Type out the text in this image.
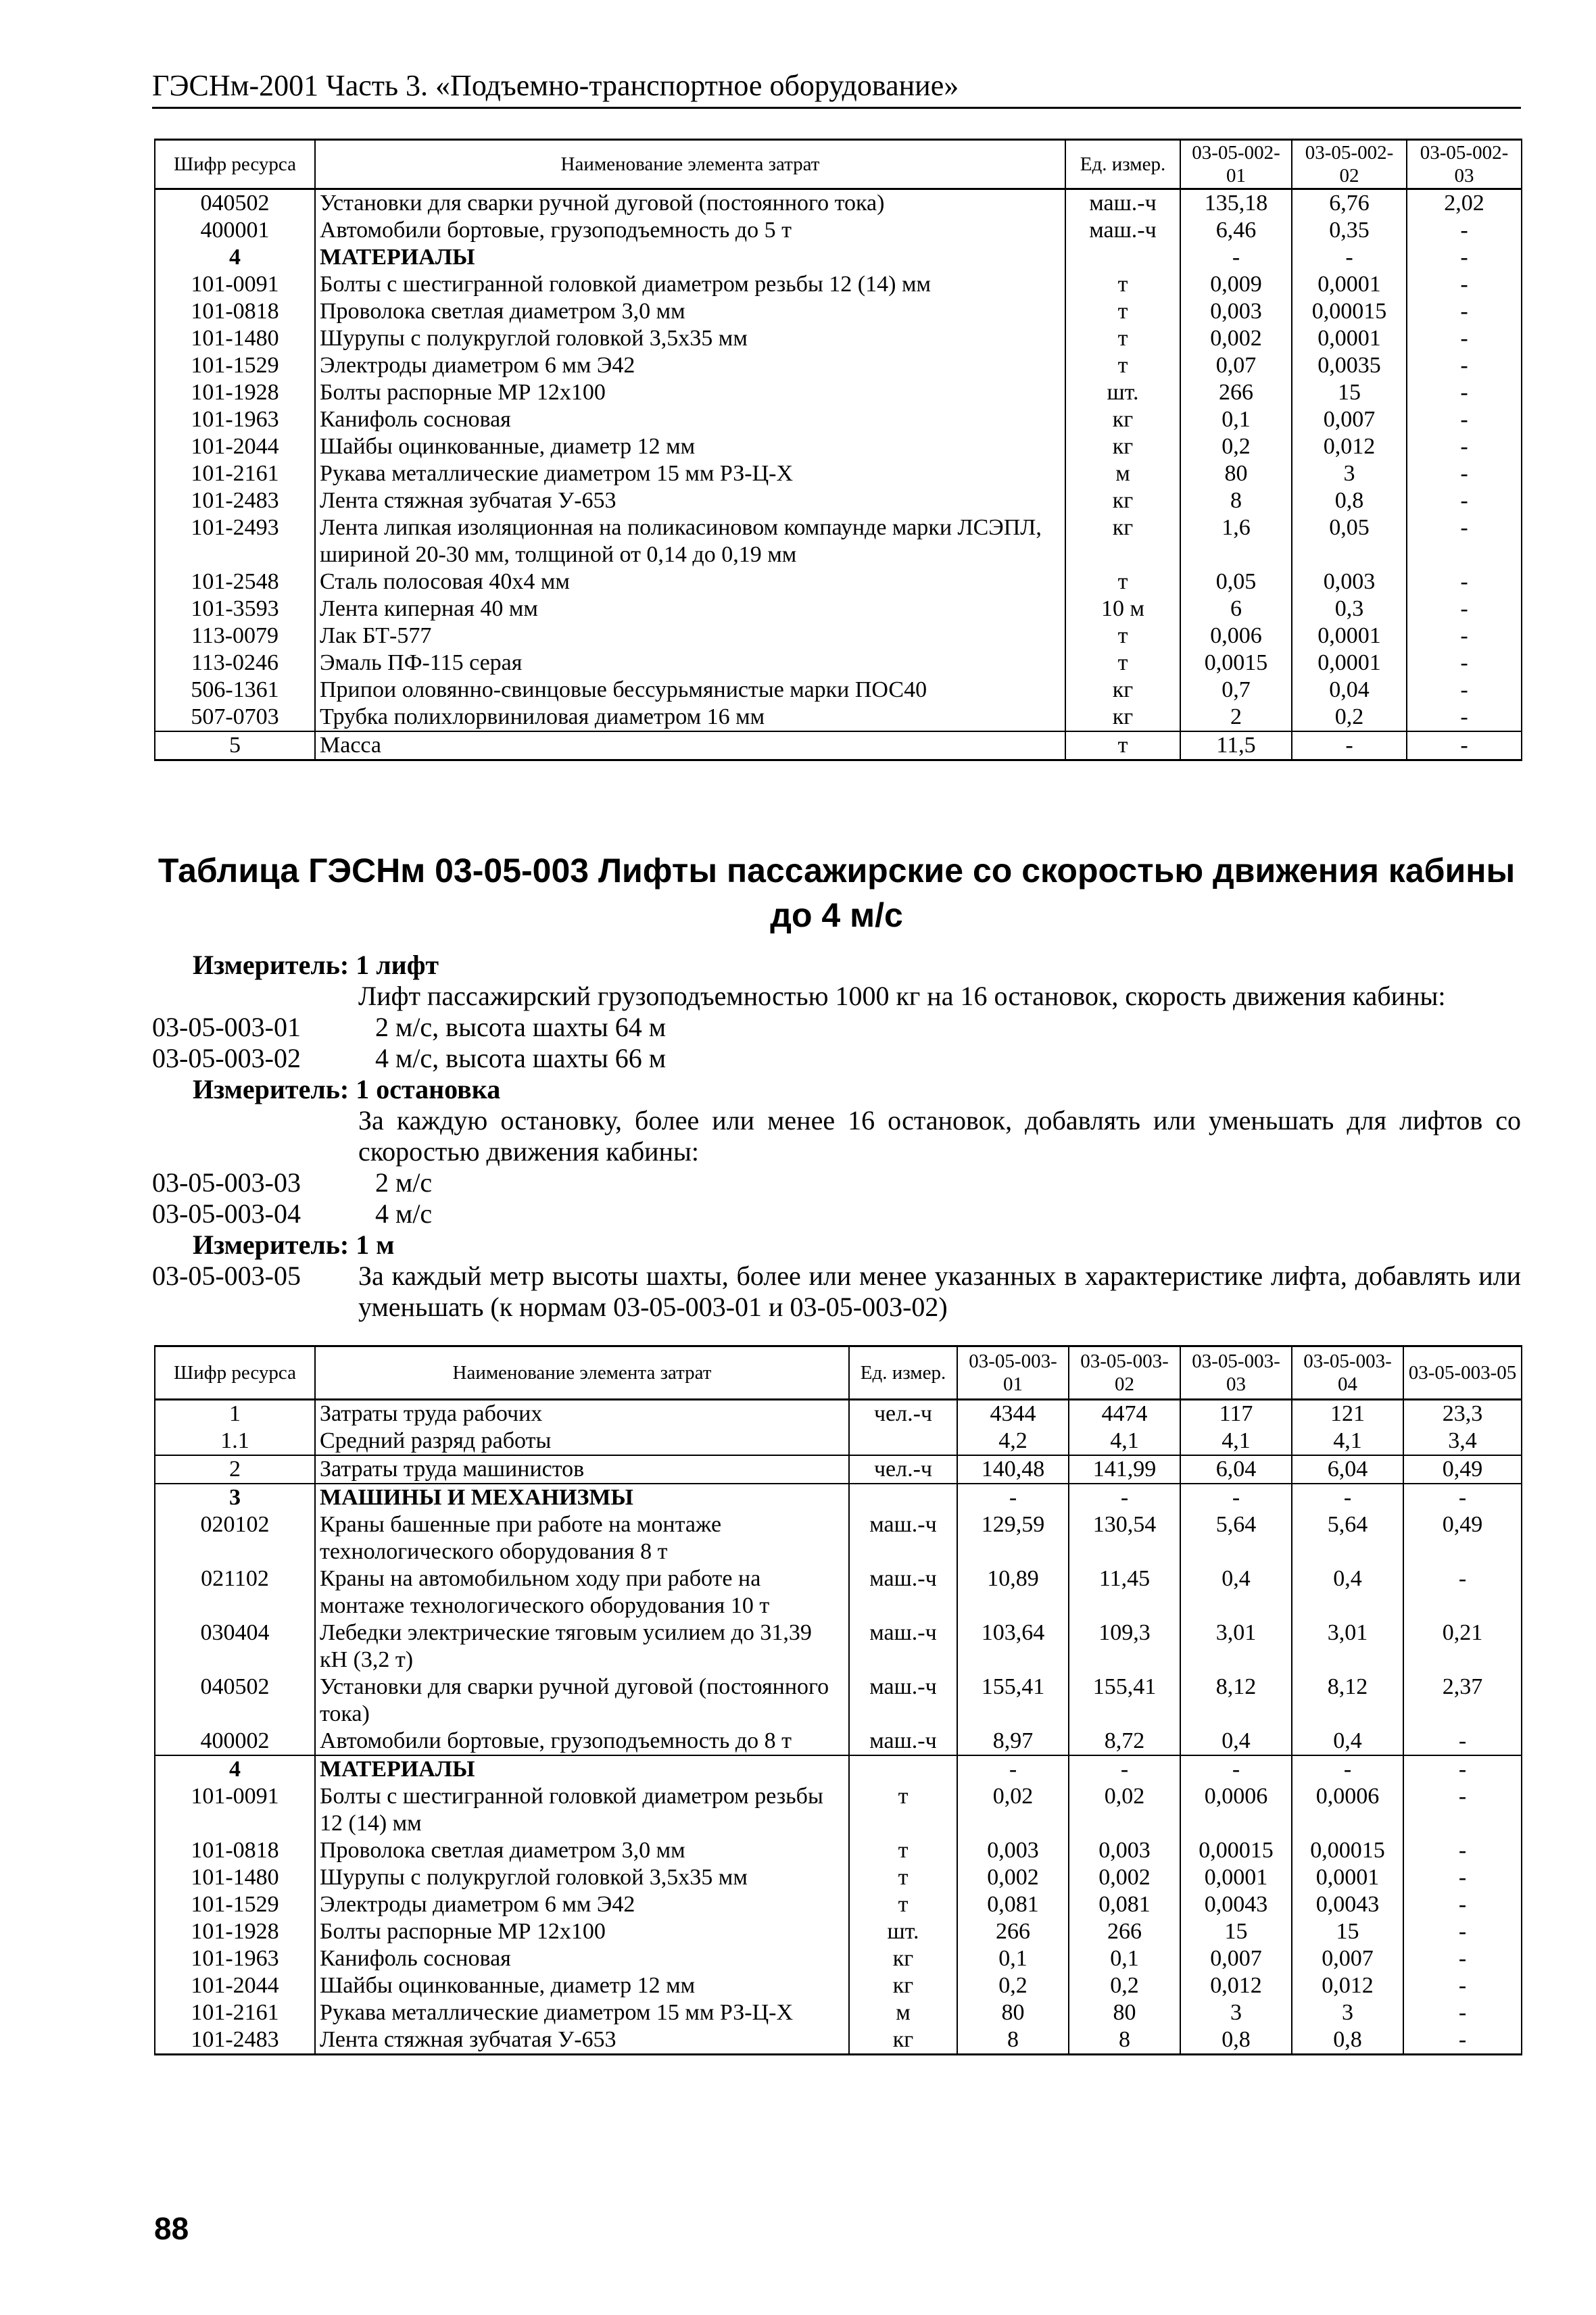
ГЭСНм-2001 Часть 3. «Подъемно-транспортное оборудование»
Шифр ресурса	Наименование элемента затрат	Ед. измер.	03-05-002-01	03-05-002-02	03-05-002-03
040502	Установки для сварки ручной дуговой (постоянного тока)	маш.-ч	135,18	6,76	2,02
400001	Автомобили бортовые, грузоподъемность до 5 т	маш.-ч	6,46	0,35	-
4	МАТЕРИАЛЫ		-	-	-
101-0091	Болты с шестигранной головкой диаметром резьбы 12 (14) мм	т	0,009	0,0001	-
101-0818	Проволока светлая диаметром 3,0 мм	т	0,003	0,00015	-
101-1480	Шурупы с полукруглой головкой 3,5х35 мм	т	0,002	0,0001	-
101-1529	Электроды диаметром 6 мм Э42	т	0,07	0,0035	-
101-1928	Болты распорные МР 12х100	шт.	266	15	-
101-1963	Канифоль сосновая	кг	0,1	0,007	-
101-2044	Шайбы оцинкованные, диаметр 12 мм	кг	0,2	0,012	-
101-2161	Рукава металлические диаметром 15 мм РЗ-Ц-Х	м	80	3	-
101-2483	Лента стяжная зубчатая У-653	кг	8	0,8	-
101-2493	Лента липкая изоляционная на поликасиновом компаунде марки ЛСЭПЛ, шириной 20-30 мм, толщиной от 0,14 до 0,19 мм	кг	1,6	0,05	-
101-2548	Сталь полосовая 40х4 мм	т	0,05	0,003	-
101-3593	Лента киперная 40 мм	10 м	6	0,3	-
113-0079	Лак БТ-577	т	0,006	0,0001	-
113-0246	Эмаль ПФ-115 серая	т	0,0015	0,0001	-
506-1361	Припои оловянно-свинцовые бессурьмянистые марки ПОС40	кг	0,7	0,04	-
507-0703	Трубка полихлорвиниловая диаметром 16 мм	кг	2	0,2	-
5	Масса	т	11,5	-	-
Таблица ГЭСНм 03-05-003 Лифты пассажирские со скоростью движения кабины до 4 м/с
Измеритель:
1 лифт
Лифт пассажирский грузоподъемностью 1000 кг на 16 остановок, скорость движения кабины:
03-05-003-01	2 м/с, высота шахты 64 м
03-05-003-02	4 м/с, высота шахты 66 м
Измеритель:
1 остановка
За каждую остановку, более или менее 16 остановок, добавлять или уменьшать для лифтов со скоростью движения кабины:
03-05-003-03	2 м/с
03-05-003-04	4 м/с
Измеритель:
1 м
03-05-003-05	За каждый метр высоты шахты, более или менее указанных в характеристике лифта, добавлять или уменьшать (к нормам 03-05-003-01 и 03-05-003-02)
Шифр ресурса	Наименование элемента затрат	Ед. измер.	03-05-003-01	03-05-003-02	03-05-003-03	03-05-003-04	03-05-003-05
1	Затраты труда рабочих	чел.-ч	4344	4474	117	121	23,3
1.1	Средний разряд работы		4,2	4,1	4,1	4,1	3,4
2	Затраты труда машинистов	чел.-ч	140,48	141,99	6,04	6,04	0,49
3	МАШИНЫ И МЕХАНИЗМЫ		-	-	-	-	-
020102	Краны башенные при работе на монтаже технологического оборудования 8 т	маш.-ч	129,59	130,54	5,64	5,64	0,49
021102	Краны на автомобильном ходу при работе на монтаже технологического оборудования 10 т	маш.-ч	10,89	11,45	0,4	0,4	-
030404	Лебедки электрические тяговым усилием до 31,39 кН (3,2 т)	маш.-ч	103,64	109,3	3,01	3,01	0,21
040502	Установки для сварки ручной дуговой (постоянного тока)	маш.-ч	155,41	155,41	8,12	8,12	2,37
400002	Автомобили бортовые, грузоподъемность до 8 т	маш.-ч	8,97	8,72	0,4	0,4	-
4	МАТЕРИАЛЫ		-	-	-	-	-
101-0091	Болты с шестигранной головкой диаметром резьбы 12 (14) мм	т	0,02	0,02	0,0006	0,0006	-
101-0818	Проволока светлая диаметром 3,0 мм	т	0,003	0,003	0,00015	0,00015	-
101-1480	Шурупы с полукруглой головкой 3,5х35 мм	т	0,002	0,002	0,0001	0,0001	-
101-1529	Электроды диаметром 6 мм Э42	т	0,081	0,081	0,0043	0,0043	-
101-1928	Болты распорные МР 12х100	шт.	266	266	15	15	-
101-1963	Канифоль сосновая	кг	0,1	0,1	0,007	0,007	-
101-2044	Шайбы оцинкованные, диаметр 12 мм	кг	0,2	0,2	0,012	0,012	-
101-2161	Рукава металлические диаметром 15 мм РЗ-Ц-Х	м	80	80	3	3	-
101-2483	Лента стяжная зубчатая У-653	кг	8	8	0,8	0,8	-
88
